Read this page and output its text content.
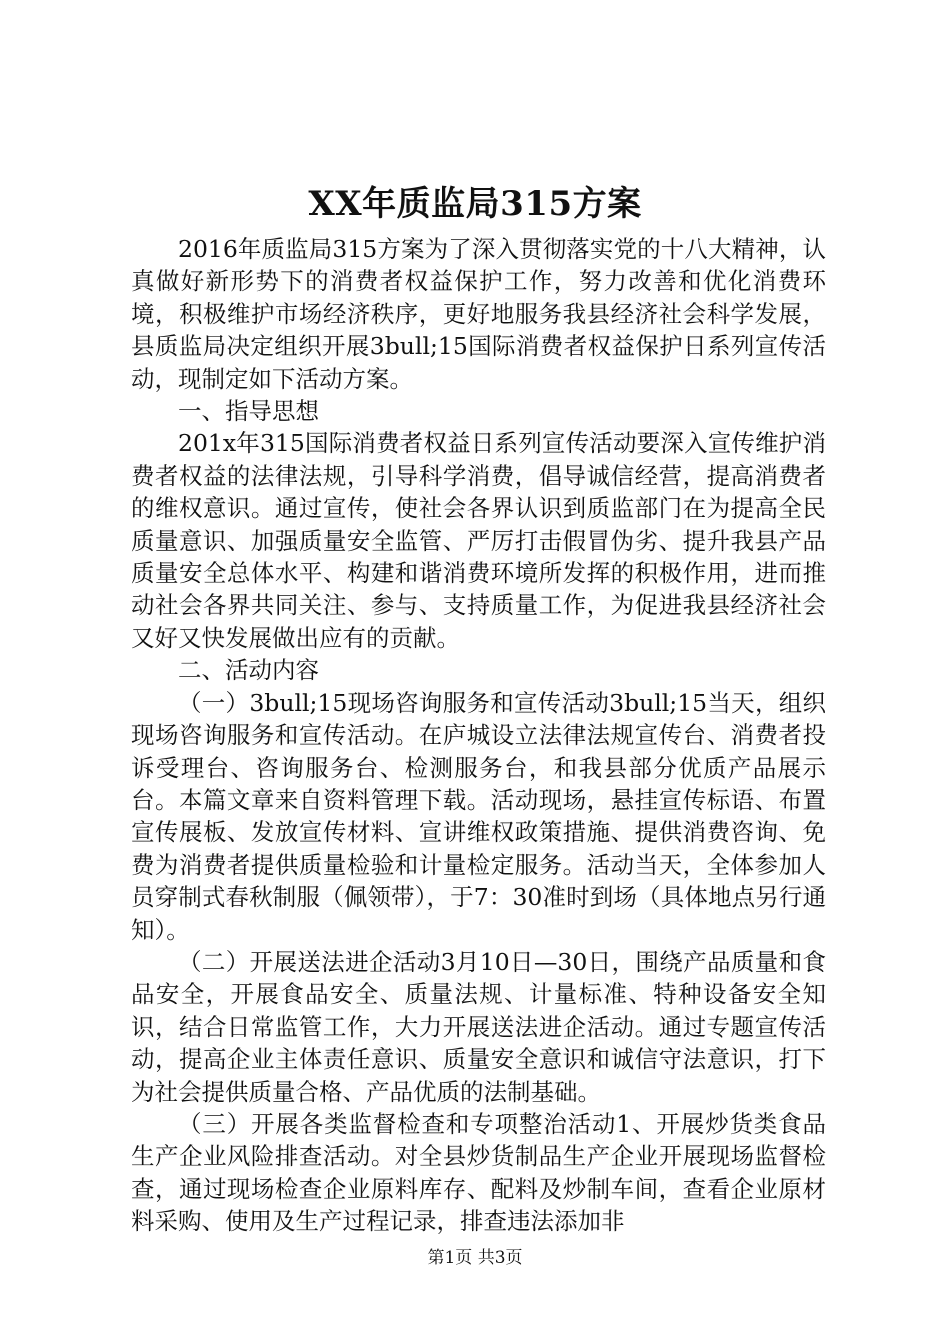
XX年质监局315方案

2016年质监局315方案为了深入贯彻落实党的十八大精神，认真做好新形势下的消费者权益保护工作，努力改善和优化消费环境，积极维护市场经济秩序，更好地服务我县经济社会科学发展，县质监局决定组织开展3bull;15国际消费者权益保护日系列宣传活动，现制定如下活动方案。

一、指导思想

201x年315国际消费者权益日系列宣传活动要深入宣传维护消费者权益的法律法规，引导科学消费，倡导诚信经营，提高消费者的维权意识。通过宣传，使社会各界认识到质监部门在为提高全民质量意识、加强质量安全监管、严厉打击假冒伪劣、提升我县产品质量安全总体水平、构建和谐消费环境所发挥的积极作用，进而推动社会各界共同关注、参与、支持质量工作，为促进我县经济社会又好又快发展做出应有的贡献。

二、活动内容

（一）3bull;15现场咨询服务和宣传活动3bull;15当天，组织现场咨询服务和宣传活动。在庐城设立法律法规宣传台、消费者投诉受理台、咨询服务台、检测服务台，和我县部分优质产品展示台。本篇文章来自资料管理下载。活动现场，悬挂宣传标语、布置宣传展板、发放宣传材料、宣讲维权政策措施、提供消费咨询、免费为消费者提供质量检验和计量检定服务。活动当天，全体参加人员穿制式春秋制服（佩领带），于7：30准时到场（具体地点另行通知）。

（二）开展送法进企活动3月10日—30日，围绕产品质量和食品安全，开展食品安全、质量法规、计量标准、特种设备安全知识，结合日常监管工作，大力开展送法进企活动。通过专题宣传活动，提高企业主体责任意识、质量安全意识和诚信守法意识，打下为社会提供质量合格、产品优质的法制基础。

（三）开展各类监督检查和专项整治活动1、开展炒货类食品生产企业风险排查活动。对全县炒货制品生产企业开展现场监督检查，通过现场检查企业原料库存、配料及炒制车间，查看企业原材料采购、使用及生产过程记录，排查违法添加非

第1页 共3页
